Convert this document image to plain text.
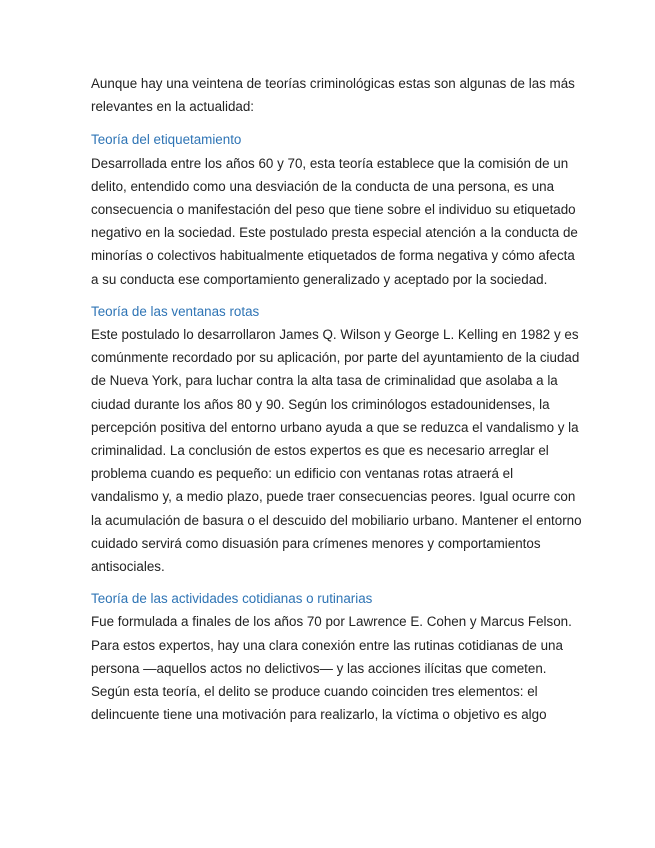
Aunque hay una veintena de teorías criminológicas estas son algunas de las más

relevantes en la actualidad:

Teoría del etiquetamiento

Desarrollada entre los años 60 y 70, esta teoría establece que la comisión de un

delito, entendido como una desviación de la conducta de una persona, es una

consecuencia o manifestación del peso que tiene sobre el individuo su etiquetado

negativo en la sociedad. Este postulado presta especial atención a la conducta de

minorías o colectivos habitualmente etiquetados de forma negativa y cómo afecta

a su conducta ese comportamiento generalizado y aceptado por la sociedad.

Teoría de las ventanas rotas

Este postulado lo desarrollaron James Q. Wilson y George L. Kelling en 1982 y es

comúnmente recordado por su aplicación, por parte del ayuntamiento de la ciudad

de Nueva York, para luchar contra la alta tasa de criminalidad que asolaba a la

ciudad durante los años 80 y 90. Según los criminólogos estadounidenses, la

percepción positiva del entorno urbano ayuda a que se reduzca el vandalismo y la

criminalidad. La conclusión de estos expertos es que es necesario arreglar el

problema cuando es pequeño: un edificio con ventanas rotas atraerá el

vandalismo y, a medio plazo, puede traer consecuencias peores. Igual ocurre con

la acumulación de basura o el descuido del mobiliario urbano. Mantener el entorno

cuidado servirá como disuasión para crímenes menores y comportamientos

antisociales.

Teoría de las actividades cotidianas o rutinarias

Fue formulada a finales de los años 70 por Lawrence E. Cohen y Marcus Felson.

Para estos expertos, hay una clara conexión entre las rutinas cotidianas de una

persona —aquellos actos no delictivos— y las acciones ilícitas que cometen.

Según esta teoría, el delito se produce cuando coinciden tres elementos: el

delincuente tiene una motivación para realizarlo, la víctima o objetivo es algo
